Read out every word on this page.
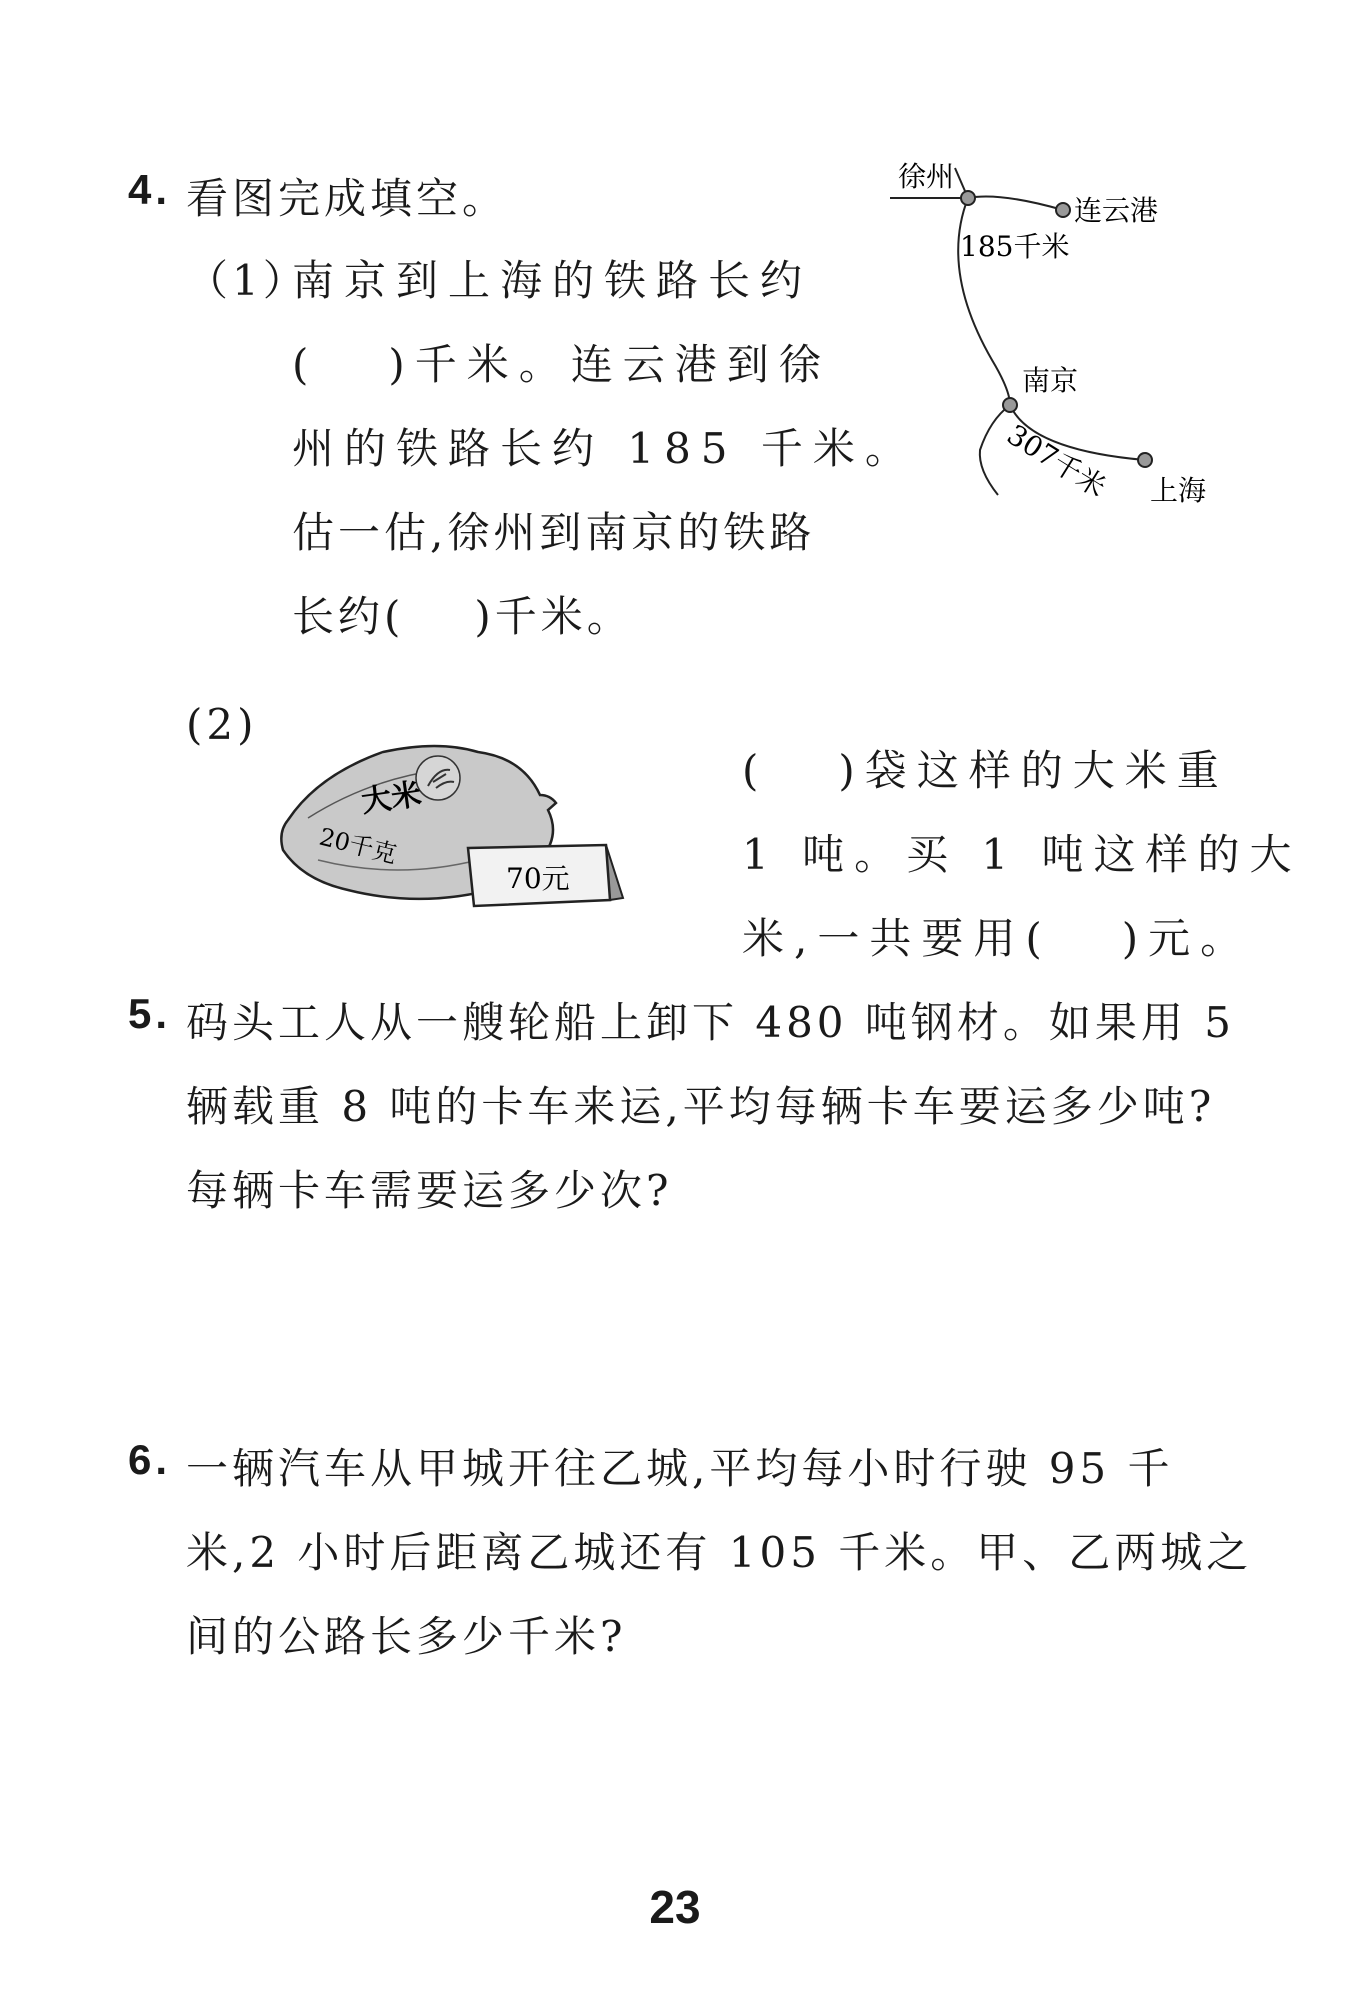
4. 看图完成填空。
（1）
南京到上海的铁路长约
( )千米。连云港到徐
州的铁路长约 185 千米。
估一估,徐州到南京的铁路
长约( )千米。
徐州
连云港
185千米
南京
307千米 上海
(2)
大米
20千克
70元
( )袋这样的大米重
1 吨。买 1 吨这样的大
米,一共要用( )元。
5. 码头工人从一艘轮船上卸下 480 吨钢材。如果用 5
辆载重 8 吨的卡车来运,平均每辆卡车要运多少吨?
每辆卡车需要运多少次?
6. 一辆汽车从甲城开往乙城,平均每小时行驶 95 千
米,2 小时后距离乙城还有 105 千米。甲、乙两城之
间的公路长多少千米?
23
